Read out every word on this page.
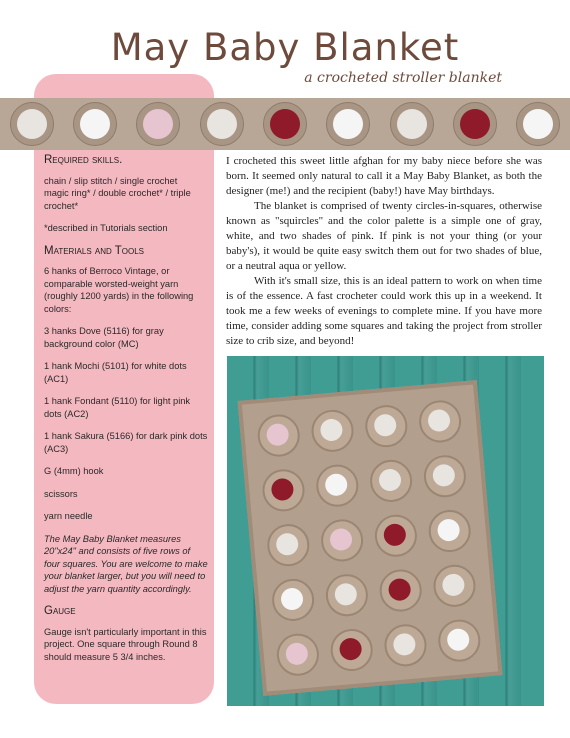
May Baby Blanket
a crocheted stroller blanket
Required skills.

chain / slip stitch / single crochet
magic ring* / double crochet* / triple crochet*

*described in Tutorials section

Materials and Tools

6 hanks of Berroco Vintage, or comparable worsted-weight yarn (roughly 1200 yards) in the following colors:

3 hanks Dove (5116) for gray background color (MC)

1 hank Mochi (5101) for white dots (AC1)

1 hank Fondant (5110) for light pink dots (AC2)

1 hank Sakura (5166) for dark pink dots (AC3)

G (4mm) hook

scissors

yarn needle

The May Baby Blanket measures 20"x24" and consists of five rows of four squares. You are welcome to make your blanket larger, but you will need to adjust the yarn quantity accordingly.

Gauge

Gauge isn't particularly important in this project. One square through Round 8 should measure 5 3/4 inches.

I crocheted this sweet little afghan for my baby niece before she was born. It seemed only natural to call it a May Baby Blanket, as both the designer (me!) and the recipient (baby!) have May birthdays.

The blanket is comprised of twenty circles-in-squares, otherwise known as "squircles" and the color palette is a simple one of gray, white, and two shades of pink. If pink is not your thing (or your baby's), it would be quite easy switch them out for two shades of blue, or a neutral aqua or yellow.

With it's small size, this is an ideal pattern to work on when time is of the essence. A fast crocheter could work this up in a weekend. It took me a few weeks of evenings to complete mine. If you have more time, consider adding some squares and taking the project from stroller size to crib size, and beyond!
